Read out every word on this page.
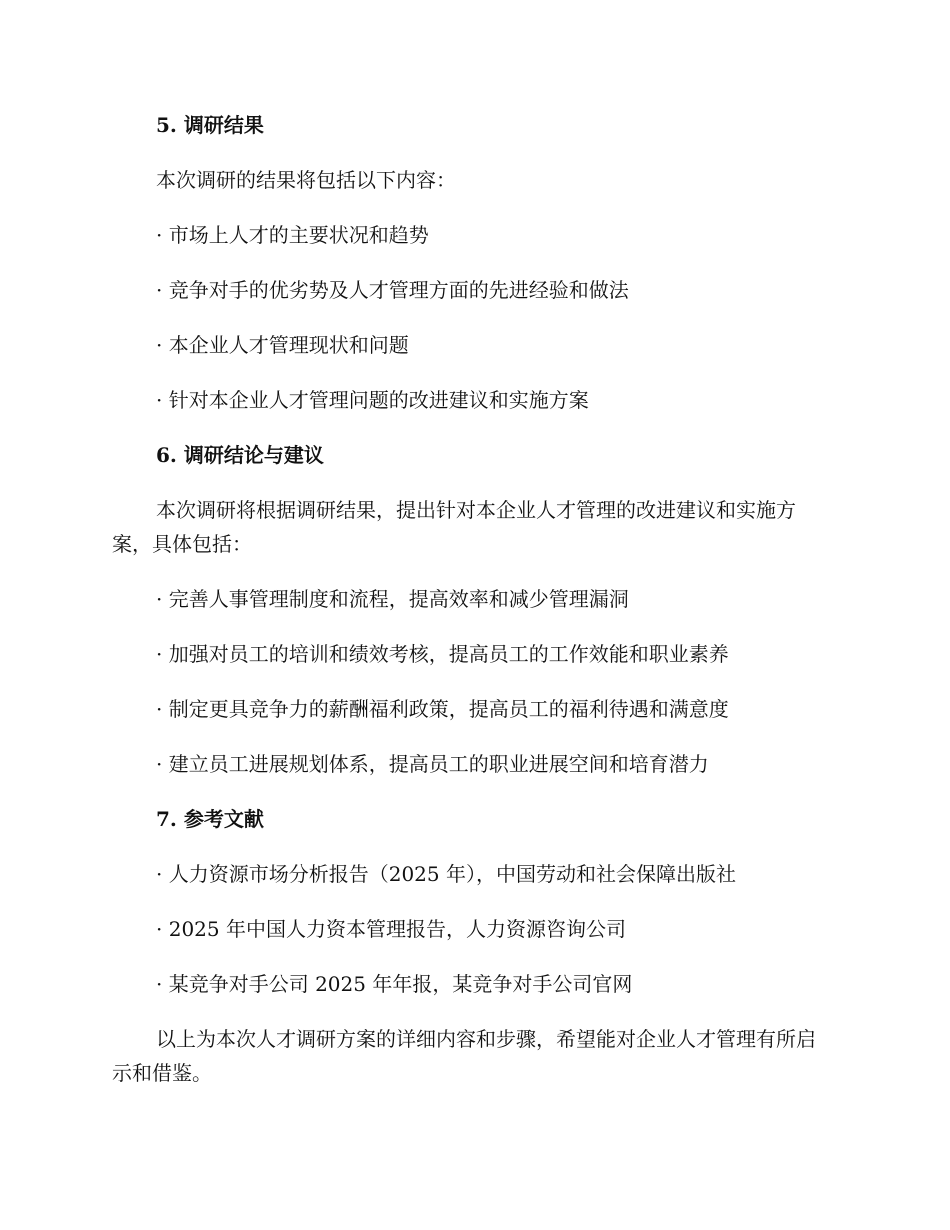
5. 调研结果
本次调研的结果将包括以下内容：
· 市场上人才的主要状况和趋势
· 竞争对手的优劣势及人才管理方面的先进经验和做法
· 本企业人才管理现状和问题
· 针对本企业人才管理问题的改进建议和实施方案
6. 调研结论与建议
本次调研将根据调研结果，提出针对本企业人才管理的改进建议和实施方案，具体包括：
· 完善人事管理制度和流程，提高效率和减少管理漏洞
· 加强对员工的培训和绩效考核，提高员工的工作效能和职业素养
· 制定更具竞争力的薪酬福利政策，提高员工的福利待遇和满意度
· 建立员工进展规划体系，提高员工的职业进展空间和培育潜力
7. 参考文献
· 人力资源市场分析报告（2025 年），中国劳动和社会保障出版社
· 2025 年中国人力资本管理报告，人力资源咨询公司
· 某竞争对手公司 2025 年年报，某竞争对手公司官网
以上为本次人才调研方案的详细内容和步骤，希望能对企业人才管理有所启示和借鉴。
